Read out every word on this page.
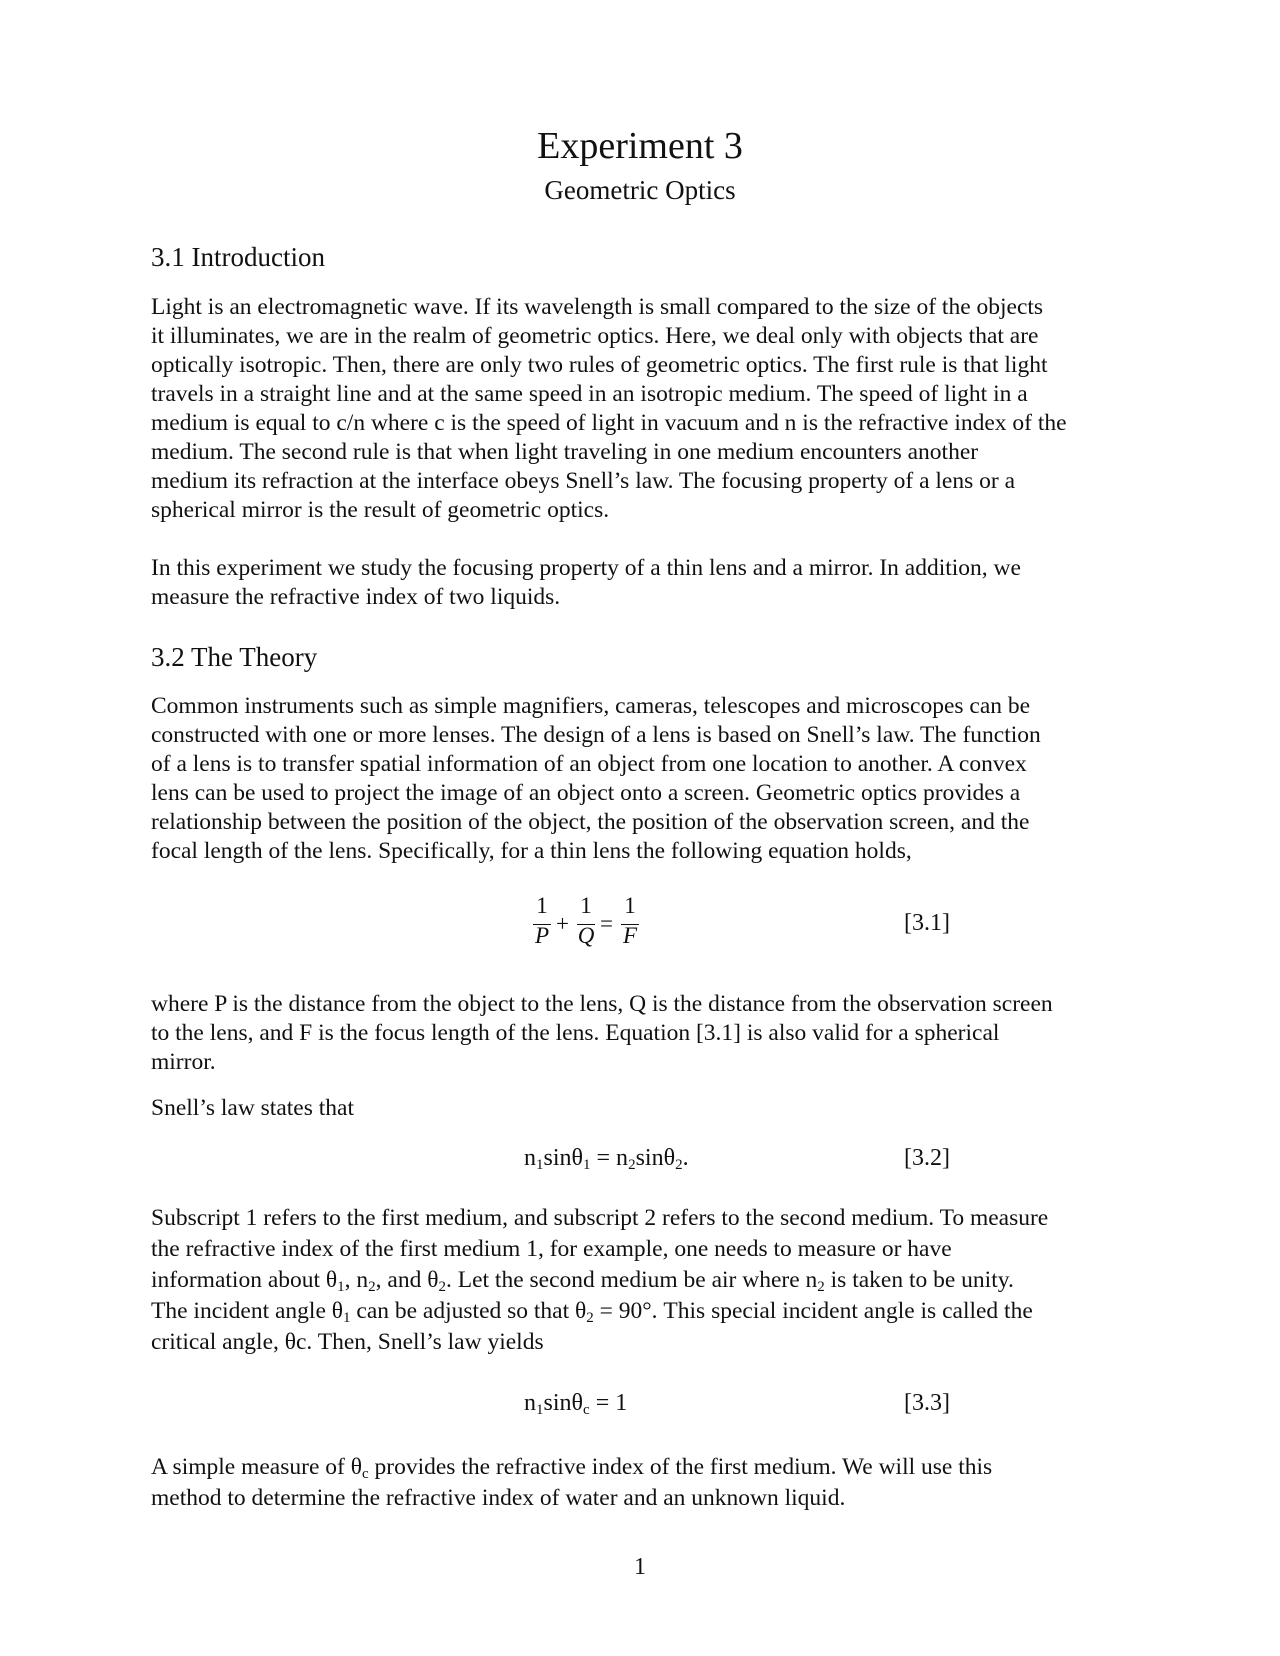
Experiment 3
Geometric Optics
3.1 Introduction
Light is an electromagnetic wave. If its wavelength is small compared to the size of the objects
it illuminates, we are in the realm of geometric optics. Here, we deal only with objects that are
optically isotropic. Then, there are only two rules of geometric optics. The first rule is that light
travels in a straight line and at the same speed in an isotropic medium. The speed of light in a
medium is equal to c/n where c is the speed of light in vacuum and n is the refractive index of the
medium. The second rule is that when light traveling in one medium encounters another
medium its refraction at the interface obeys Snell’s law. The focusing property of a lens or a
spherical mirror is the result of geometric optics.
In this experiment we study the focusing property of a thin lens and a mirror. In addition, we
measure the refractive index of two liquids.
3.2 The Theory
Common instruments such as simple magnifiers, cameras, telescopes and microscopes can be
constructed with one or more lenses. The design of a lens is based on Snell’s law. The function
of a lens is to transfer spatial information of an object from one location to another. A convex
lens can be used to project the image of an object onto a screen. Geometric optics provides a
relationship between the position of the object, the position of the observation screen, and the
focal length of the lens. Specifically, for a thin lens the following equation holds,
1
P +
1
Q =
1
F	[3.1]
where P is the distance from the object to the lens, Q is the distance from the observation screen
to the lens, and F is the focus length of the lens. Equation [3.1] is also valid for a spherical
mirror.
Snell’s law states that
$n_1\sin\theta_1 = n_2\sin\theta_2$.	[3.2]
Subscript 1 refers to the first medium, and subscript 2 refers to the second medium. To measure
the refractive index of the first medium 1, for example, one needs to measure or have
information about $\theta_1$, $n_2$, and $\theta_2$. Let the second medium be air where $n_2$ is taken to be unity.
The incident angle $\theta_1$ can be adjusted so that $\theta_2 = 90^\circ$. This special incident angle is called the
critical angle, θc. Then, Snell’s law yields
$n_1\sin\theta_c = 1$	[3.3]
A simple measure of $\theta_c$ provides the refractive index of the first medium. We will use this
method to determine the refractive index of water and an unknown liquid.
1
